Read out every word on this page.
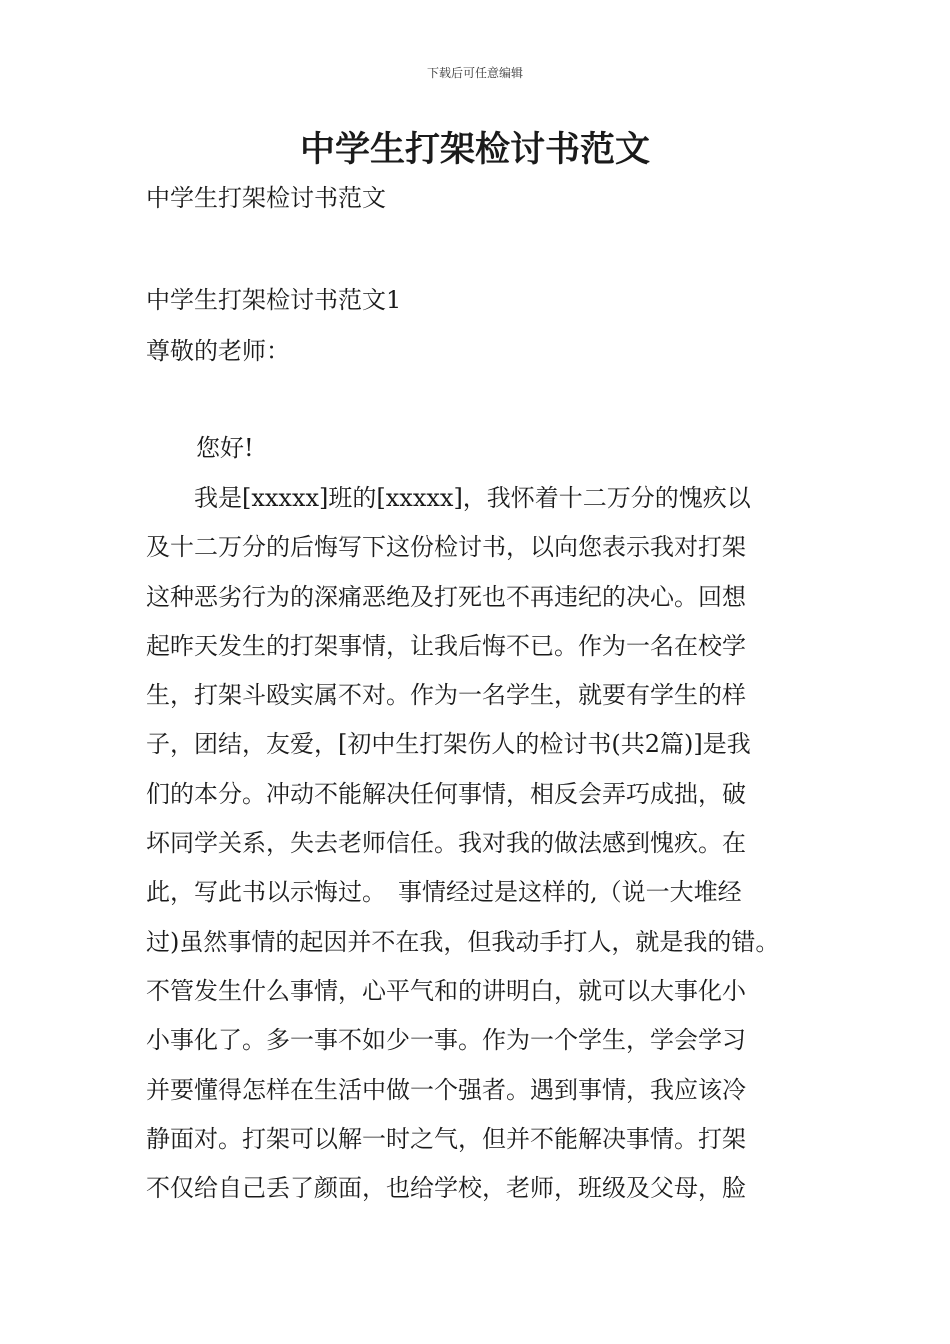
下载后可任意编辑
中学生打架检讨书范文
中学生打架检讨书范文
中学生打架检讨书范文1
尊敬的老师：
您好!
　　我是[xxxxx]班的[xxxxx]，我怀着十二万分的愧疚以
及十二万分的后悔写下这份检讨书，以向您表示我对打架
这种恶劣行为的深痛恶绝及打死也不再违纪的决心。回想
起昨天发生的打架事情，让我后悔不已。作为一名在校学
生，打架斗殴实属不对。作为一名学生，就要有学生的样
子，团结，友爱，[初中生打架伤人的检讨书(共2篇)]是我
们的本分。冲动不能解决任何事情，相反会弄巧成拙，破
坏同学关系，失去老师信任。我对我的做法感到愧疚。在
此，写此书以示悔过。　事情经过是这样的,（说一大堆经
过)虽然事情的起因并不在我，但我动手打人，就是我的错。
不管发生什么事情，心平气和的讲明白，就可以大事化小
小事化了。多一事不如少一事。作为一个学生，学会学习
并要懂得怎样在生活中做一个强者。遇到事情，我应该冷
静面对。打架可以解一时之气，但并不能解决事情。打架
不仅给自己丢了颜面，也给学校，老师，班级及父母，脸
